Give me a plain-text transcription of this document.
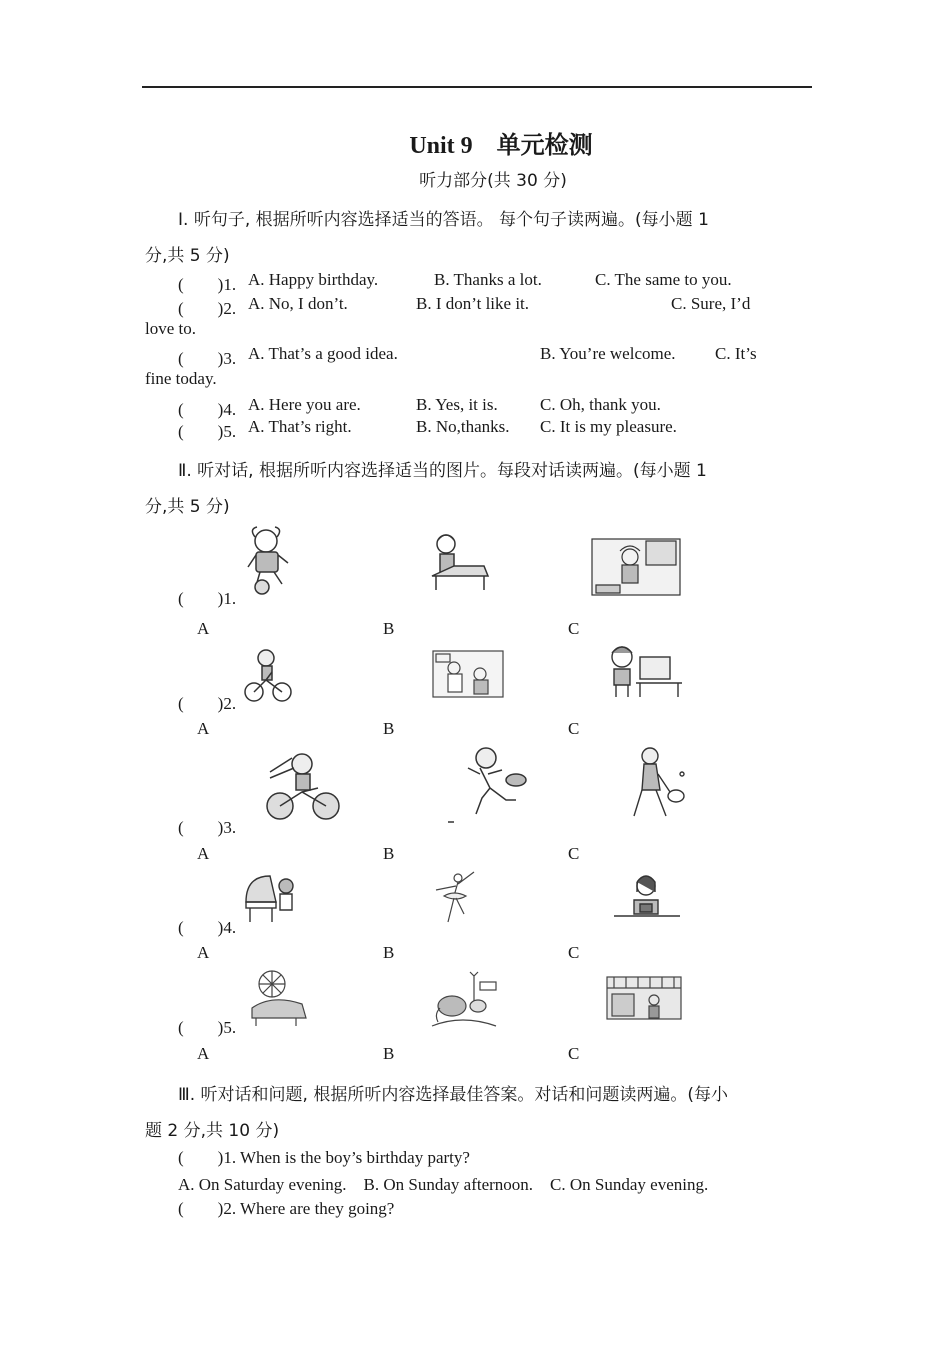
Unit 9　单元检测
听力部分(共 30 分)
Ⅰ. 听句子, 根据所听内容选择适当的答语。 每个句子读两遍。(每小题 1
分,共 5 分)
(　　)1. A. Happy birthday.	B. Thanks a lot.	C. The same to you.
(　　)2. A. No, I don’t.	B. I don’t like it.	C. Sure, I’d
love to.
(　　)3. A. That’s a good idea.	B. You’re welcome. C. It’s
fine today.
(　　)4. A. Here you are.	B. Yes, it is. C. Oh, thank you.
(　　)5. A. That’s right.	B. No,thanks. C. It is my pleasure.
Ⅱ. 听对话, 根据所听内容选择适当的图片。每段对话读两遍。(每小题 1
分,共 5 分)
(　　)1.
A	B	C
(　　)2.
A	B	C
(　　)3.
A	B	C
(　　)4.
A	B	C
(　　)5.
A	B	C
Ⅲ. 听对话和问题, 根据所听内容选择最佳答案。对话和问题读两遍。(每小
题 2 分,共 10 分)
(　　)1. When is the boy’s birthday party?
A. On Saturday evening.　B. On Sunday afternoon.　C. On Sunday evening.
(　　)2. Where are they going?
